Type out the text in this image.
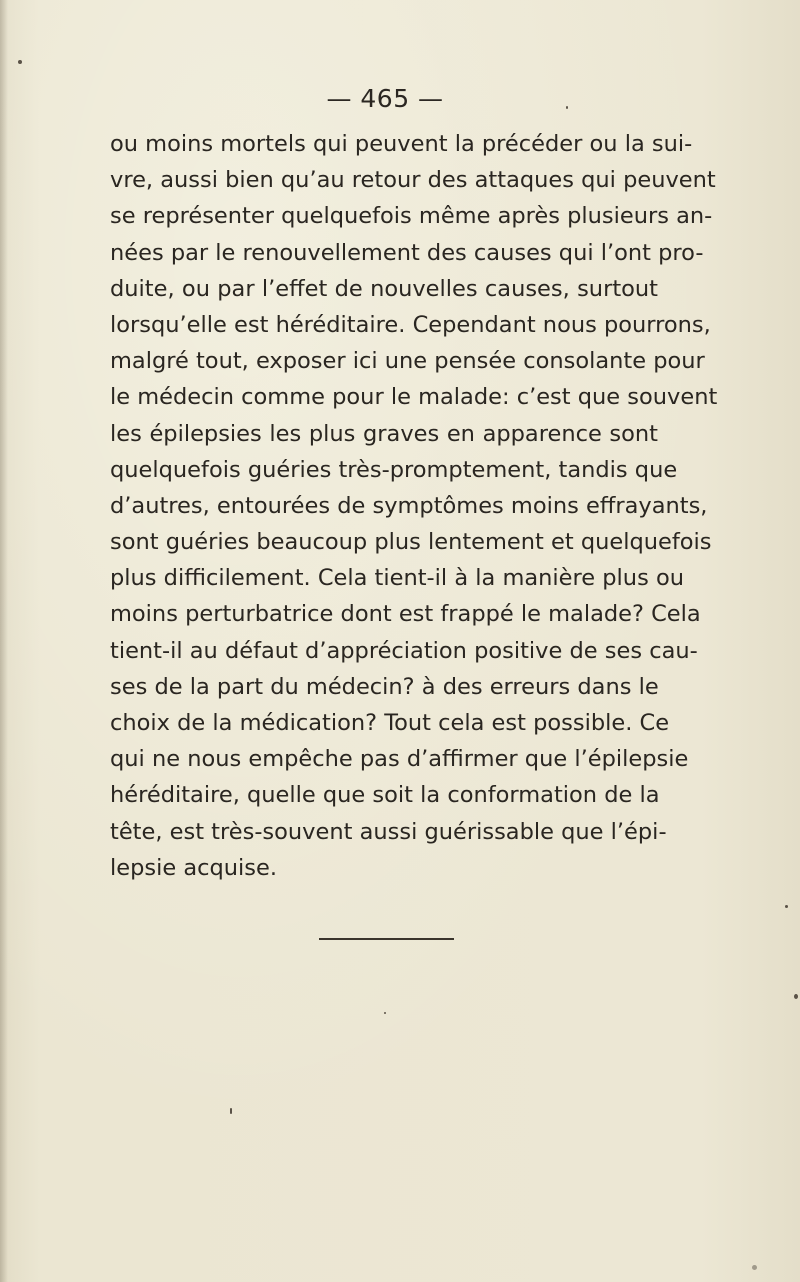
— 465 —
ou moins mortels qui peuvent la précéder ou la sui-
vre, aussi bien qu’au retour des attaques qui peuvent
se représenter quelquefois même après plusieurs an-
nées par le renouvellement des causes qui l’ont pro-
duite, ou par l’effet de nouvelles causes, surtout
lorsqu’elle est héréditaire. Cependant nous pourrons,
malgré tout, exposer ici une pensée consolante pour
le médecin comme pour le malade: c’est que souvent
les épilepsies les plus graves en apparence sont
quelquefois guéries très-promptement, tandis que
d’autres, entourées de symptômes moins effrayants,
sont guéries beaucoup plus lentement et quelquefois
plus difficilement. Cela tient-il à la manière plus ou
moins perturbatrice dont est frappé le malade? Cela
tient-il au défaut d’appréciation positive de ses cau-
ses de la part du médecin? à des erreurs dans le
choix de la médication? Tout cela est possible. Ce
qui ne nous empêche pas d’affirmer que l’épilepsie
héréditaire, quelle que soit la conformation de la
tête, est très-souvent aussi guérissable que l’épi-
lepsie acquise.
